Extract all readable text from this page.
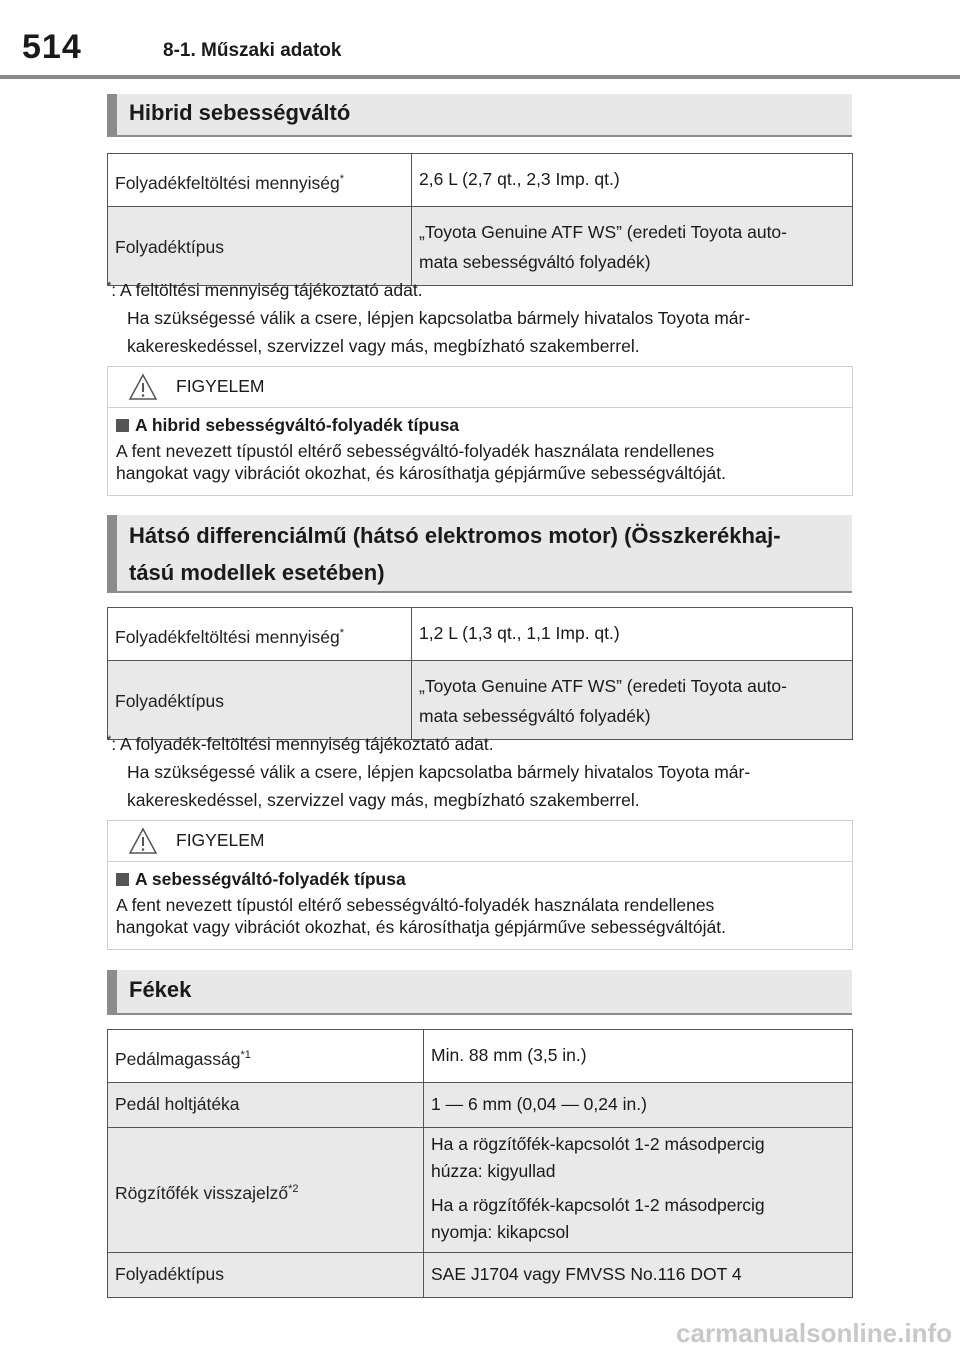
514	8-1. Műszaki adatok
Hibrid sebességváltó
Folyadékfeltöltési mennyiség*	2,6 L (2,7 qt., 2,3 Imp. qt.)
Folyadéktípus	„Toyota Genuine ATF WS” (eredeti Toyota auto-
mata sebességváltó folyadék)
*: A feltöltési mennyiség tájékoztató adat.
Ha szükségessé válik a csere, lépjen kapcsolatba bármely hivatalos Toyota már-
kakereskedéssel, szervizzel vagy más, megbízható szakemberrel.
FIGYELEM
A hibrid sebességváltó-folyadék típusa
A fent nevezett típustól eltérő sebességváltó-folyadék használata rendellenes
hangokat vagy vibrációt okozhat, és károsíthatja gépjárműve sebességváltóját.
Hátsó differenciálmű (hátsó elektromos motor) (Összkerékhaj-
tású modellek esetében)
Folyadékfeltöltési mennyiség*	1,2 L (1,3 qt., 1,1 Imp. qt.)
Folyadéktípus	„Toyota Genuine ATF WS” (eredeti Toyota auto-
mata sebességváltó folyadék)
*: A folyadék-feltöltési mennyiség tájékoztató adat.
Ha szükségessé válik a csere, lépjen kapcsolatba bármely hivatalos Toyota már-
kakereskedéssel, szervizzel vagy más, megbízható szakemberrel.
FIGYELEM
A sebességváltó-folyadék típusa
A fent nevezett típustól eltérő sebességváltó-folyadék használata rendellenes
hangokat vagy vibrációt okozhat, és károsíthatja gépjárműve sebességváltóját.
Fékek
Pedálmagasság$^{*1}$	Min. 88 mm (3,5 in.)
Pedál holtjátéka	1 — 6 mm (0,04 — 0,24 in.)
Rögzítőfék visszajelző$^{*2}$	Ha a rögzítőfék-kapcsolót 1-2 másodpercig
húzza: kigyullad

Ha a rögzítőfék-kapcsolót 1-2 másodpercig
nyomja: kikapcsol
Folyadéktípus	SAE J1704 vagy FMVSS No.116 DOT 4
carmanualsonline.info
